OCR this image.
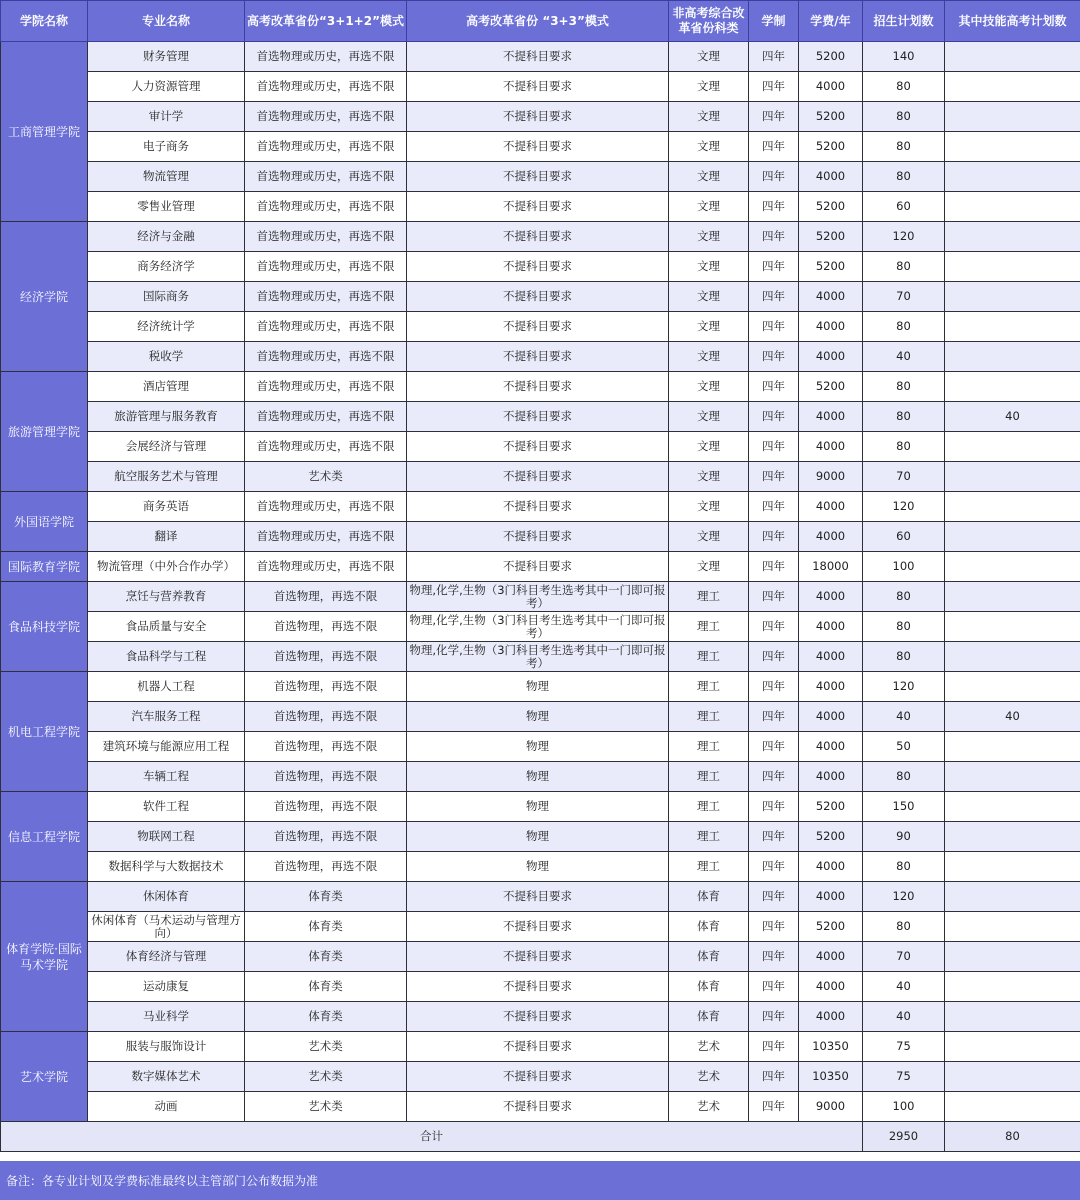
学院名称	专业名称	高考改革省份“3+1+2”模式	高考改革省份 “3+3”模式	非高考综合改革省份科类	学制	学费/年	招生计划数	其中技能高考计划数
工商管理学院	财务管理	首选物理或历史，再选不限	不提科目要求	文理	四年	5200	140	
	人力资源管理	首选物理或历史，再选不限	不提科目要求	文理	四年	4000	80	
	审计学	首选物理或历史，再选不限	不提科目要求	文理	四年	5200	80	
	电子商务	首选物理或历史，再选不限	不提科目要求	文理	四年	5200	80	
	物流管理	首选物理或历史，再选不限	不提科目要求	文理	四年	4000	80	
	零售业管理	首选物理或历史，再选不限	不提科目要求	文理	四年	5200	60	
经济学院	经济与金融	首选物理或历史，再选不限	不提科目要求	文理	四年	5200	120	
	商务经济学	首选物理或历史，再选不限	不提科目要求	文理	四年	5200	80	
	国际商务	首选物理或历史，再选不限	不提科目要求	文理	四年	4000	70	
	经济统计学	首选物理或历史，再选不限	不提科目要求	文理	四年	4000	80	
	税收学	首选物理或历史，再选不限	不提科目要求	文理	四年	4000	40	
旅游管理学院	酒店管理	首选物理或历史，再选不限	不提科目要求	文理	四年	5200	80	
	旅游管理与服务教育	首选物理或历史，再选不限	不提科目要求	文理	四年	4000	80	40
	会展经济与管理	首选物理或历史，再选不限	不提科目要求	文理	四年	4000	80	
	航空服务艺术与管理	艺术类	不提科目要求	文理	四年	9000	70	
外国语学院	商务英语	首选物理或历史，再选不限	不提科目要求	文理	四年	4000	120	
	翻译	首选物理或历史，再选不限	不提科目要求	文理	四年	4000	60	
国际教育学院	物流管理（中外合作办学）	首选物理或历史，再选不限	不提科目要求	文理	四年	18000	100	
食品科技学院	烹饪与营养教育	首选物理，再选不限	物理,化学,生物（3门科目考生选考其中一门即可报考）	理工	四年	4000	80	
	食品质量与安全	首选物理，再选不限	物理,化学,生物（3门科目考生选考其中一门即可报考）	理工	四年	4000	80	
	食品科学与工程	首选物理，再选不限	物理,化学,生物（3门科目考生选考其中一门即可报考）	理工	四年	4000	80	
机电工程学院	机器人工程	首选物理，再选不限	物理	理工	四年	4000	120	
	汽车服务工程	首选物理，再选不限	物理	理工	四年	4000	40	40
	建筑环境与能源应用工程	首选物理，再选不限	物理	理工	四年	4000	50	
	车辆工程	首选物理，再选不限	物理	理工	四年	4000	80	
信息工程学院	软件工程	首选物理，再选不限	物理	理工	四年	5200	150	
	物联网工程	首选物理，再选不限	物理	理工	四年	5200	90	
	数据科学与大数据技术	首选物理，再选不限	物理	理工	四年	4000	80	
体育学院·国际马术学院	休闲体育	体育类	不提科目要求	体育	四年	4000	120	
	休闲体育（马术运动与管理方向）	体育类	不提科目要求	体育	四年	5200	80	
	体育经济与管理	体育类	不提科目要求	体育	四年	4000	70	
	运动康复	体育类	不提科目要求	体育	四年	4000	40	
	马业科学	体育类	不提科目要求	体育	四年	4000	40	
艺术学院	服装与服饰设计	艺术类	不提科目要求	艺术	四年	10350	75	
	数字媒体艺术	艺术类	不提科目要求	艺术	四年	10350	75	
	动画	艺术类	不提科目要求	艺术	四年	9000	100	
合计							2950	80
备注：各专业计划及学费标准最终以主管部门公布数据为准
